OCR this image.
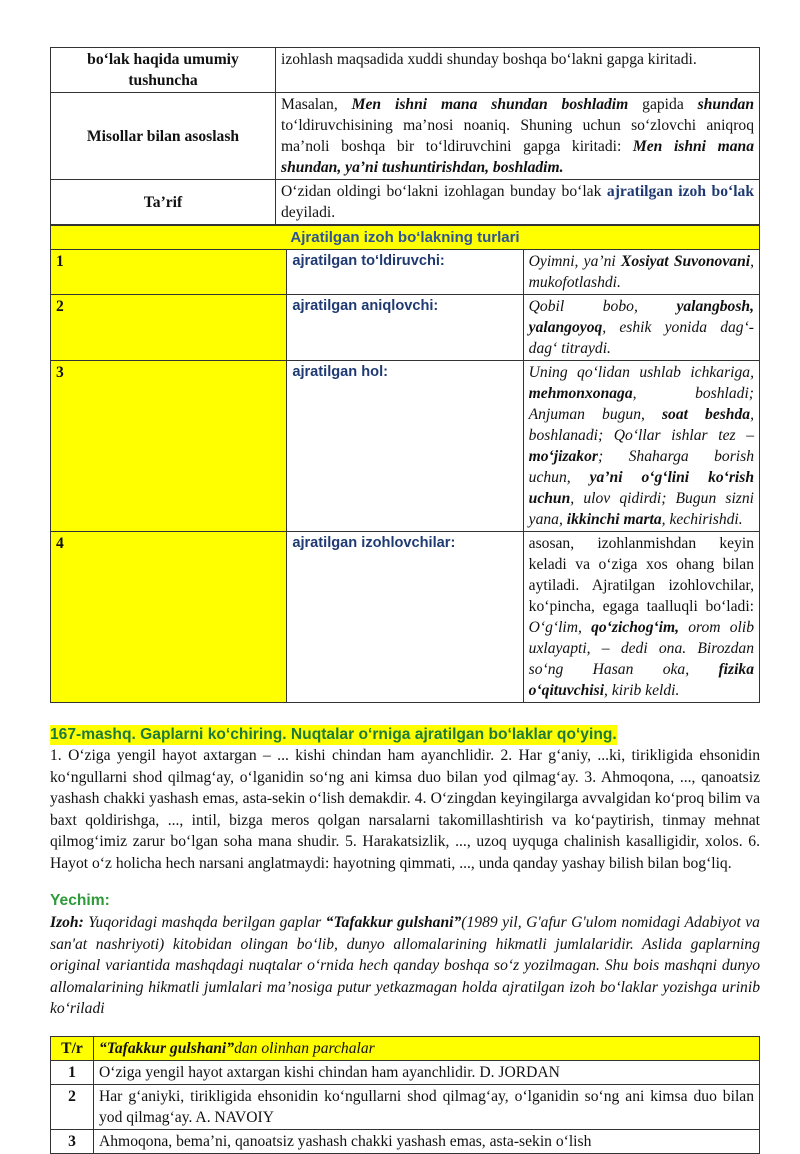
bo‘lak haqida umumiy tushuncha	izohlash maqsadida xuddi shunday boshqa bo‘lakni gapga kiritadi.
Misollar bilan asoslash	Masalan, Men ishni mana shundan boshladim gapida shundan to‘ldiruvchisining ma’nosi noaniq. Shuning uchun so‘zlovchi aniqroq ma’noli boshqa bir to‘ldiruvchini gapga kiritadi: Men ishni mana shundan, ya’ni tushuntirishdan, boshladim.
Ta’rif	O‘zidan oldingi bo‘lakni izohlagan bunday bo‘lak ajratilgan izoh bo‘lak deyiladi.
Ajratilgan izoh bo‘lakning turlari		
1	ajratilgan to‘ldiruvchi:	Oyimni, ya’ni Xosiyat Suvonovani, mukofotlashdi.
2	ajratilgan aniqlovchi:	Qobil bobo, yalangbosh, yalangoyoq, eshik yonida dag‘-dag‘ titraydi.
3	ajratilgan hol:	Uning qo‘lidan ushlab ichkariga, mehmonxonaga, boshladi; Anjuman bugun, soat beshda, boshlanadi; Qo‘llar ishlar tez – mo‘jizakor; Shaharga borish uchun, ya’ni o‘g‘lini ko‘rish uchun, ulov qidirdi; Bugun sizni yana, ikkinchi marta, kechirishdi.
4	ajratilgan izohlovchilar:	asosan, izohlanmishdan keyin keladi va o‘ziga xos ohang bilan aytiladi. Ajratilgan izohlovchilar, ko‘pincha, egaga taalluqli bo‘ladi: O‘g‘lim, qo‘zichog‘im, orom olib uxlayapti, – dedi ona. Birozdan so‘ng Hasan oka, fizika o‘qituvchisi, kirib keldi.
167-mashq. Gaplarni ko‘chiring. Nuqtalar o‘rniga ajratilgan bo‘laklar qo‘ying.
1. O‘ziga yengil hayot axtargan – ... kishi chindan ham ayanchlidir. 2. Har g‘aniy, ...ki, tirikligida ehsonidin ko‘ngullarni shod qilmag‘ay, o‘lganidin so‘ng ani kimsa duo bilan yod qilmag‘ay. 3. Ahmoqona, ..., qanoatsiz yashash chakki yashash emas, asta-sekin o‘lish demakdir. 4. O‘zingdan keyingilarga avvalgidan ko‘proq bilim va baxt qoldirishga, ..., intil, bizga meros qolgan narsalarni takomillashtirish va ko‘paytirish, tinmay mehnat qilmog‘imiz zarur bo‘lgan soha mana shudir. 5. Harakatsizlik, ..., uzoq uyquga chalinish kasalligidir, xolos. 6. Hayot o‘z holicha hech narsani anglatmaydi: hayotning qimmati, ..., unda qanday yashay bilish bilan bog‘liq.
Yechim:
Izoh: Yuqoridagi mashqda berilgan gaplar “Tafakkur gulshani”(1989 yil, G'afur G'ulom nomidagi Adabiyot va san'at nashriyoti) kitobidan olingan bo‘lib, dunyo allomalarining hikmatli jumlalaridir. Aslida gaplarning original variantida mashqdagi nuqtalar o‘rnida hech qanday boshqa so‘z yozilmagan. Shu bois mashqni dunyo allomalarining hikmatli jumlalari ma’nosiga putur yetkazmagan holda ajratilgan izoh bo‘laklar yozishga urinib ko‘riladi
T/r	“Tafakkur gulshani”dan olinhan parchalar
1	O‘ziga yengil hayot axtargan kishi chindan ham ayanchlidir. D. JORDAN
2	Har g‘aniyki, tirikligida ehsonidin ko‘ngullarni shod qilmag‘ay, o‘lganidin so‘ng ani kimsa duo bilan yod qilmag‘ay. A. NAVOIY
3	Ahmoqona, bema’ni, qanoatsiz yashash chakki yashash emas, asta-sekin o‘lish
